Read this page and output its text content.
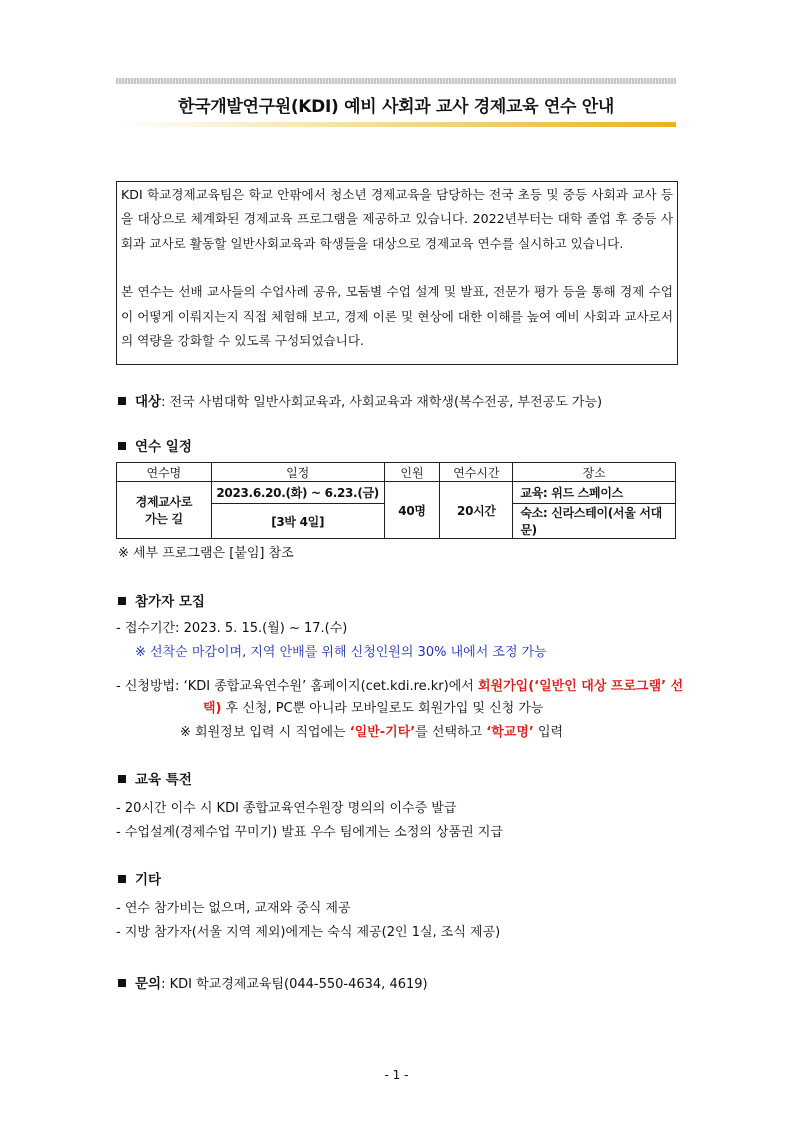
한국개발연구원(KDI) 예비 사회과 교사 경제교육 연수 안내

KDI 학교경제교육팀은 학교 안팎에서 청소년 경제교육을 담당하는 전국 초등 및 중등 사회과 교사 등을 대상으로 체계화된 경제교육 프로그램을 제공하고 있습니다. 2022년부터는 대학 졸업 후 중등 사회과 교사로 활동할 일반사회교육과 학생들을 대상으로 경제교육 연수를 실시하고 있습니다.

본 연수는 선배 교사들의 수업사례 공유, 모둠별 수업 설계 및 발표, 전문가 평가 등을 통해 경제 수업이 어떻게 이뤄지는지 직접 체험해 보고, 경제 이론 및 현상에 대한 이해를 높여 예비 사회과 교사로서의 역량을 강화할 수 있도록 구성되었습니다.

대상: 전국 사범대학 일반사회교육과, 사회교육과 재학생(복수전공, 부전공도 가능)
연수 일정
연수명	일정	인원	연수시간	장소
경제교사로
가는 길	2023.6.20.(화) ~ 6.23.(금)	40명	20시간	교육: 위드 스페이스
	[3박 4일]			숙소: 신라스테이(서울 서대문)
※ 세부 프로그램은 [붙임] 참조
참가자 모집
- 접수기간: 2023. 5. 15.(월) ~ 17.(수)
※ 선착순 마감이며, 지역 안배를 위해 신청인원의 30% 내에서 조정 가능
- 신청방법: ‘KDI 종합교육연수원’ 홈페이지(cet.kdi.re.kr)에서 회원가입(‘일반인 대상 프로그램’ 선
택) 후 신청, PC뿐 아니라 모바일로도 회원가입 및 신청 가능
※ 회원정보 입력 시 직업에는 ‘일반-기타’를 선택하고 ‘학교명’ 입력
교육 특전
- 20시간 이수 시 KDI 종합교육연수원장 명의의 이수증 발급
- 수업설계(경제수업 꾸미기) 발표 우수 팀에게는 소정의 상품권 지급
기타
- 연수 참가비는 없으며, 교재와 중식 제공
- 지방 참가자(서울 지역 제외)에게는 숙식 제공(2인 1실, 조식 제공)
문의: KDI 학교경제교육팀(044-550-4634, 4619)
- 1 -
